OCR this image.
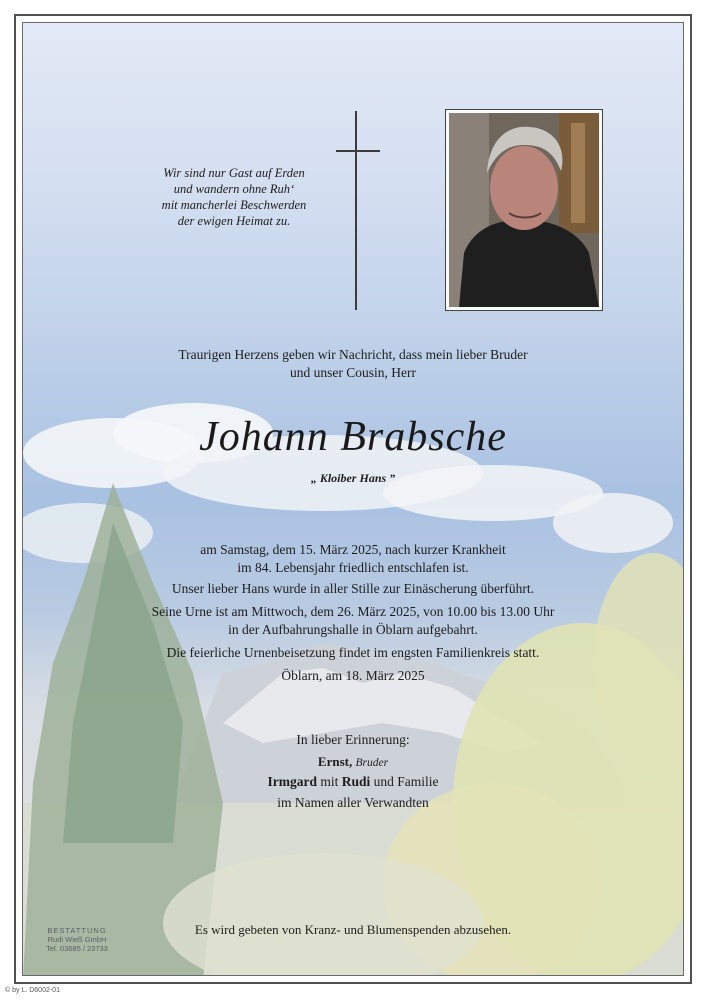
Wir sind nur Gast auf Erden
und wandern ohne Ruh‘
mit mancherlei Beschwerden
der ewigen Heimat zu.
Traurigen Herzens geben wir Nachricht, dass mein lieber Bruder
und unser Cousin, Herr
Johann Brabsche
„ Kloiber Hans ”
am Samstag, dem 15. März 2025, nach kurzer Krankheit
im 84. Lebensjahr friedlich entschlafen ist.
Unser lieber Hans wurde in aller Stille zur Einäscherung überführt.
Seine Urne ist am Mittwoch, dem 26. März 2025, von 10.00 bis 13.00 Uhr
in der Aufbahrungshalle in Öblarn aufgebahrt.
Die feierliche Urnenbeisetzung findet im engsten Familienkreis statt.
Öblarn, am 18. März 2025
In lieber Erinnerung:
Ernst, Bruder
Irmgard mit Rudi und Familie
im Namen aller Verwandten
Es wird gebeten von Kranz- und Blumenspenden abzusehen.
BESTATTUNG
Rudi Wieß GmbH
Tel. 03685 / 23733
© by L. D6002-01
